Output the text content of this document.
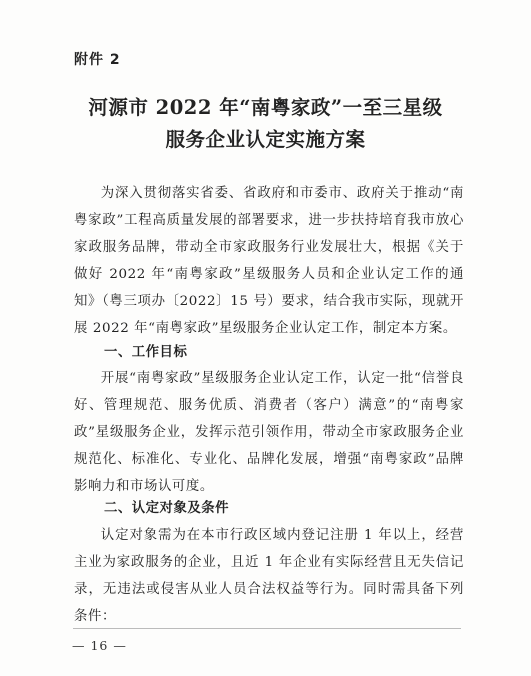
附件 2
河源市 2022 年“南粤家政”一至三星级
服务企业认定实施方案

为深入贯彻落实省委、省政府和市委市、政府关于推动“南粤家政”工程高质量发展的部署要求，进一步扶持培育我市放心家政服务品牌，带动全市家政服务行业发展壮大，根据《关于做好 2022 年“南粤家政”星级服务人员和企业认定工作的通知》（粤三项办〔2022〕15 号）要求，结合我市实际，现就开展 2022 年“南粤家政”星级服务企业认定工作，制定本方案。

一、工作目标

开展“南粤家政”星级服务企业认定工作，认定一批“信誉良好、管理规范、服务优质、消费者（客户）满意”的“南粤家政”星级服务企业，发挥示范引领作用，带动全市家政服务企业规范化、标准化、专业化、品牌化发展，增强“南粤家政”品牌影响力和市场认可度。

二、认定对象及条件

认定对象需为在本市行政区域内登记注册 1 年以上，经营主业为家政服务的企业，且近 1 年企业有实际经营且无失信记录，无违法或侵害从业人员合法权益等行为。同时需具备下列条件：

— 16 —
